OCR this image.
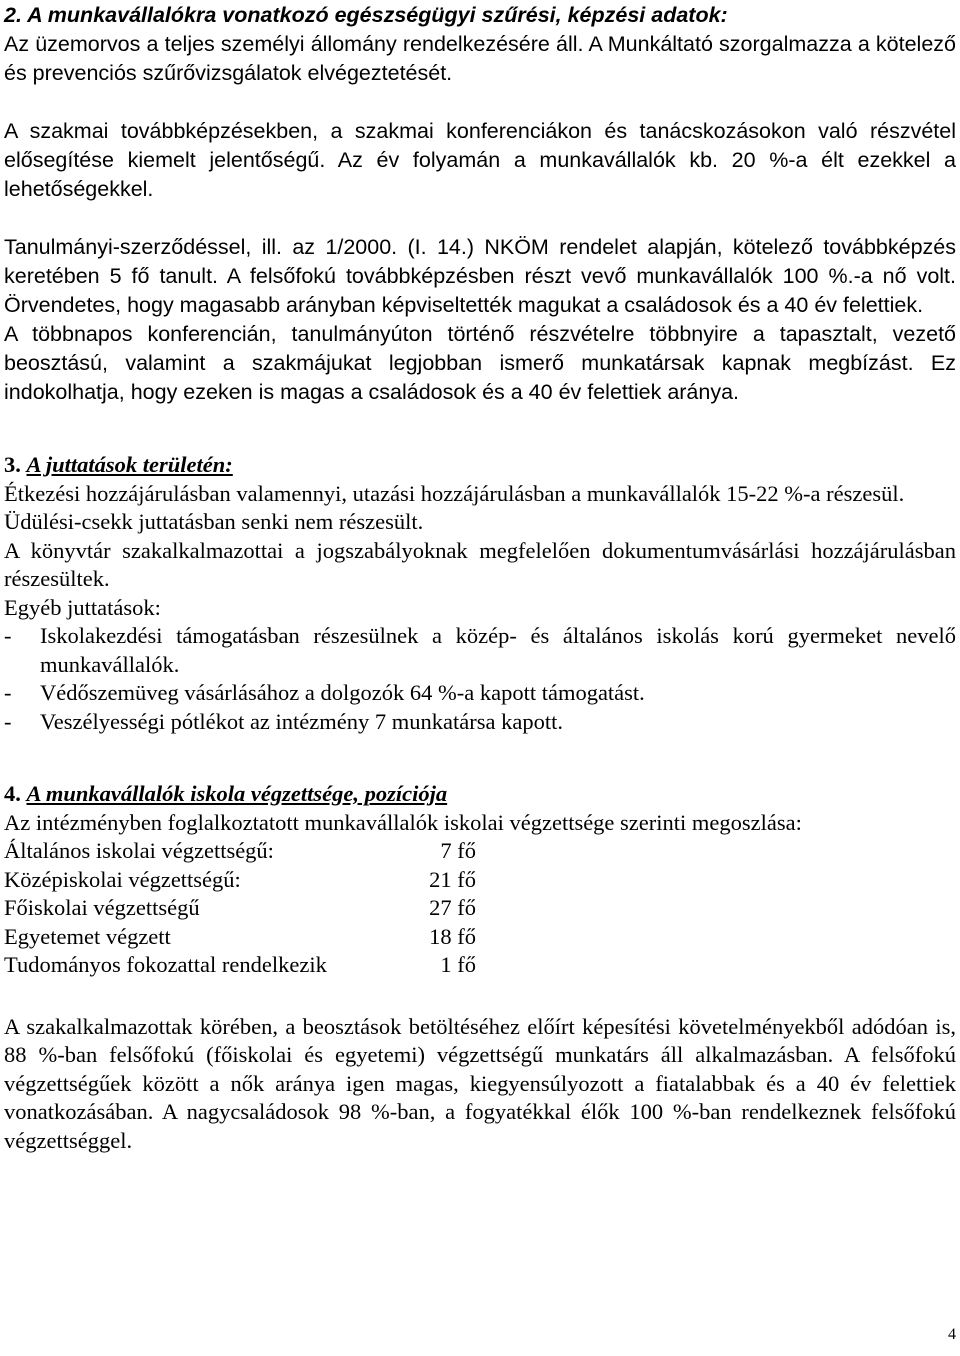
2. A munkavállalókra vonatkozó egészségügyi szűrési, képzési adatok:

Az üzemorvos a teljes személyi állomány rendelkezésére áll. A Munkáltató szorgalmazza a kötelező és prevenciós szűrővizsgálatok elvégeztetését.

A szakmai továbbképzésekben, a szakmai konferenciákon és tanácskozásokon való részvétel elősegítése kiemelt jelentőségű. Az év folyamán a munkavállalók kb. 20 %-a élt ezekkel a lehetőségekkel.

Tanulmányi-szerződéssel, ill. az 1/2000. (I. 14.) NKÖM rendelet alapján, kötelező továbbképzés keretében 5 fő tanult. A felsőfokú továbbképzésben részt vevő munkavállalók 100 %.-a nő volt. Örvendetes, hogy magasabb arányban képviseltették magukat a családosok és a 40 év felettiek.

A többnapos konferencián, tanulmányúton történő részvételre többnyire a tapasztalt, vezető beosztású, valamint a szakmájukat legjobban ismerő munkatársak kapnak megbízást. Ez indokolhatja, hogy ezeken is magas a családosok és a 40 év felettiek aránya.

3. A juttatások területén:

Étkezési hozzájárulásban valamennyi, utazási hozzájárulásban a munkavállalók 15-22 %-a részesül.

Üdülési-csekk juttatásban senki nem részesült.

A könyvtár szakalkalmazottai a jogszabályoknak megfelelően dokumentumvásárlási hozzájárulásban részesültek.

Egyéb juttatások:

-	Iskolakezdési támogatásban részesülnek a közép- és általános iskolás korú gyermeket nevelő munkavállalók.
-	Védőszemüveg vásárlásához a dolgozók 64 %-a kapott támogatást.
-	Veszélyességi pótlékot az intézmény 7 munkatársa kapott.

4. A munkavállalók iskola végzettsége, pozíciója

Az intézményben foglalkoztatott munkavállalók iskolai végzettsége szerinti megoszlása:

Általános iskolai végzettségű:	7 fő
Középiskolai végzettségű:	21 fő
Főiskolai végzettségű	27 fő
Egyetemet végzett	18 fő
Tudományos fokozattal rendelkezik	1 fő

A szakalkalmazottak körében, a beosztások betöltéséhez előírt képesítési követelményekből adódóan is, 88 %-ban felsőfokú (főiskolai és egyetemi) végzettségű munkatárs áll alkalmazásban. A felsőfokú végzettségűek között a nők aránya igen magas, kiegyensúlyozott a fiatalabbak és a 40 év felettiek vonatkozásában. A nagycsaládosok 98 %-ban, a fogyatékkal élők 100 %-ban rendelkeznek felsőfokú végzettséggel.

4
